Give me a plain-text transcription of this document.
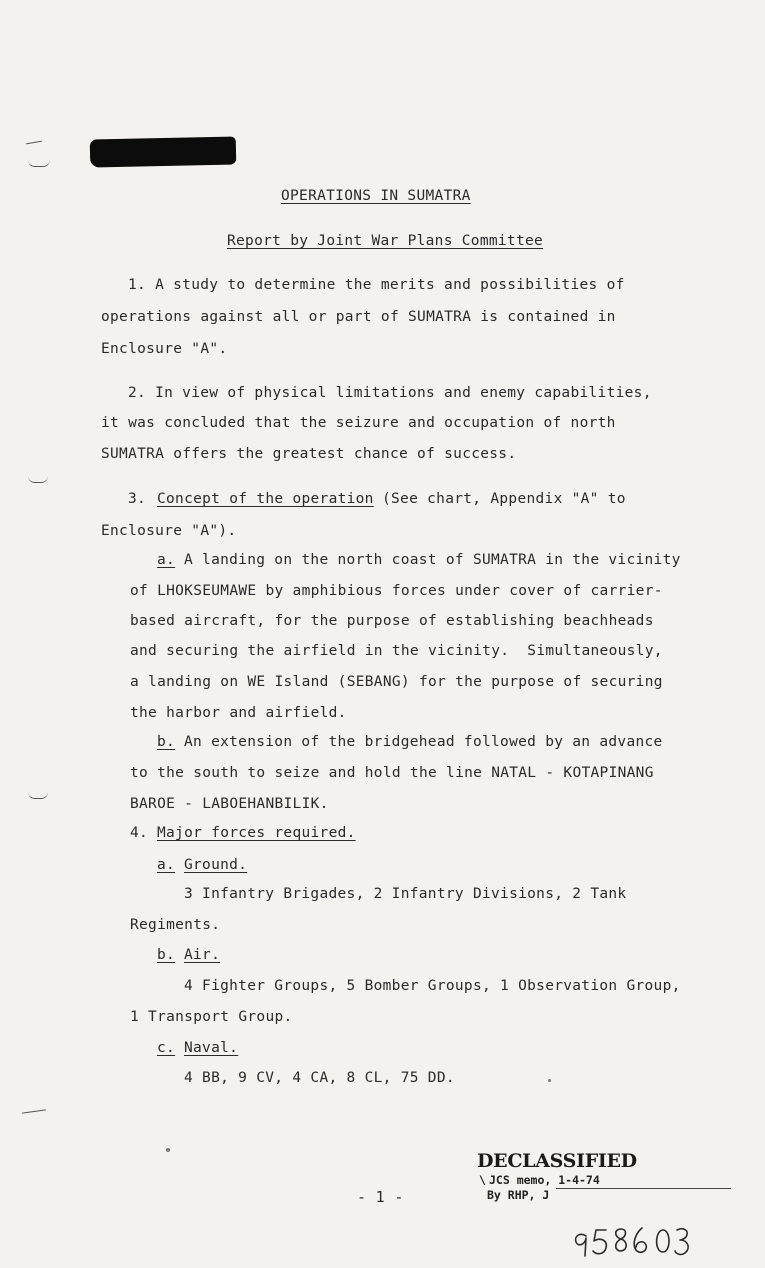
OPERATIONS IN SUMATRA
Report by Joint War Plans Committee
1. A study to determine the merits and possibilities of
operations against all or part of SUMATRA is contained in
Enclosure "A".
2. In view of physical limitations and enemy capabilities,
it was concluded that the seizure and occupation of north
SUMATRA offers the greatest chance of success.
3. Concept of the operation (See chart, Appendix "A" to
Enclosure "A").
a. A landing on the north coast of SUMATRA in the vicinity
of LHOKSEUMAWE by amphibious forces under cover of carrier-
based aircraft, for the purpose of establishing beachheads
and securing the airfield in the vicinity.  Simultaneously,
a landing on WE Island (SEBANG) for the purpose of securing
the harbor and airfield.
b. An extension of the bridgehead followed by an advance
to the south to seize and hold the line NATAL - KOTAPINANG
BAROE - LABOEHANBILIK.
4. Major forces required.
a. Ground.
3 Infantry Brigades, 2 Infantry Divisions, 2 Tank
Regiments.
b. Air.
4 Fighter Groups, 5 Bomber Groups, 1 Observation Group,
1 Transport Group.
c. Naval.
4 BB, 9 CV, 4 CA, 8 CL, 75 DD.
DECLASSIFIED
\ JCS memo, 1-4-74
By RHP, J
- 1 -
